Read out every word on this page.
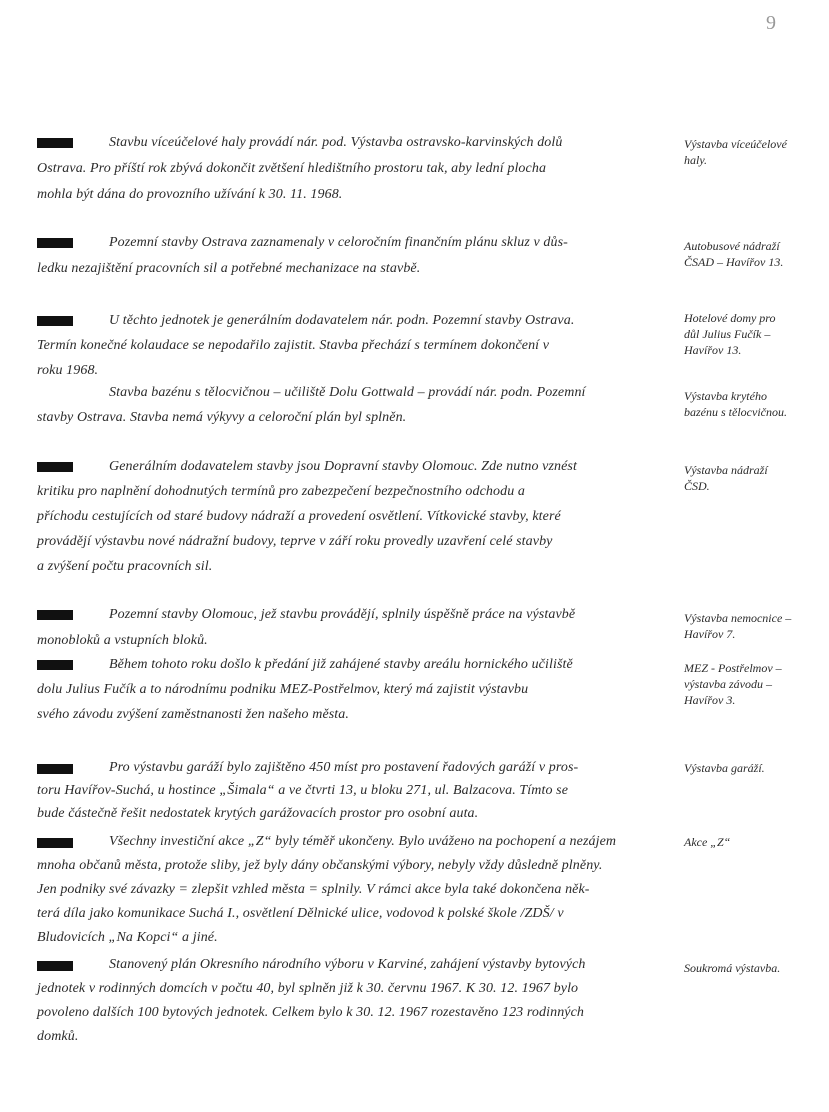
9
Stavbu víceúčelové haly provádí nár. pod. Výstavba ostravsko-karvinských dolů
Ostrava. Pro příští rok zbývá dokončit zvětšení hledištního prostoru tak, aby lední plocha
mohla být dána do provozního užívání k 30. 11. 1968.
Výstavba víceúčelové
haly.
Pozemní stavby Ostrava zaznamenaly v celoročním finančním plánu skluz v důs-
ledku nezajištění pracovních sil a potřebné mechanizace na stavbě.
Autobusové nádraží
ČSAD – Havířov 13.
U těchto jednotek je generálním dodavatelem nár. podn. Pozemní stavby Ostrava.
Termín konečné kolaudace se nepodařilo zajistit. Stavba přechází s termínem dokončení v
roku 1968.
Hotelové domy pro
důl Julius Fučík –
Havířov 13.
Stavba bazénu s tělocvičnou – učiliště Dolu Gottwald – provádí nár. podn. Pozemní
stavby Ostrava. Stavba nemá výkyvy a celoroční plán byl splněn.
Výstavba krytého
bazénu s tělocvičnou.
Generálním dodavatelem stavby jsou Dopravní stavby Olomouc. Zde nutno vznést
kritiku pro naplnění dohodnutých termínů pro zabezpečení bezpečnostního odchodu a
příchodu cestujících od staré budovy nádraží a provedení osvětlení. Vítkovické stavby, které
provádějí výstavbu nové nádražní budovy, teprve v září roku provedly uzavření celé stavby
a zvýšení počtu pracovních sil.
Výstavba nádraží
ČSD.
Pozemní stavby Olomouc, jež stavbu provádějí, splnily úspěšně práce na výstavbě
monobloků a vstupních bloků.
Výstavba nemocnice –
Havířov 7.
Během tohoto roku došlo k předání již zahájené stavby areálu hornického učiliště
dolu Julius Fučík a to národnímu podniku MEZ-Postřelmov, který má zajistit výstavbu
svého závodu zvýšení zaměstnanosti žen našeho města.
MEZ - Postřelmov –
výstavba závodu –
Havířov 3.
Pro výstavbu garáží bylo zajištěno 450 míst pro postavení řadových garáží v pros-
toru Havířov-Suchá, u hostince „Šimala“ a ve čtvrti 13, u bloku 271, ul. Balzacova. Tímto se
bude částečně řešit nedostatek krytých garážovacích prostor pro osobní auta.
Výstavba garáží.
Všechny investiční akce „Z“ byly téměř ukončeny. Bylo uvážено na pochopení a nezájem
mnoha občanů města, protože sliby, jež byly dány občanskými výbory, nebyly vždy důsledně plněny.
Jen podniky své závazky = zlepšit vzhled města = splnily. V rámci akce byla také dokončena něk-
terá díla jako komunikace Suchá I., osvětlení Dělnické ulice, vodovod k polské škole /ZDŠ/ v
Bludovicích „Na Kopci“ a jiné.
Akce „Z“
Stanovený plán Okresního národního výboru v Karviné, zahájení výstavby bytových
jednotek v rodinných domcích v počtu 40, byl splněn již k 30. červnu 1967. K 30. 12. 1967 bylo
povoleno dalších 100 bytových jednotek. Celkem bylo k 30. 12. 1967 rozestavěno 123 rodinných
domků.
Soukromá výstavba.
